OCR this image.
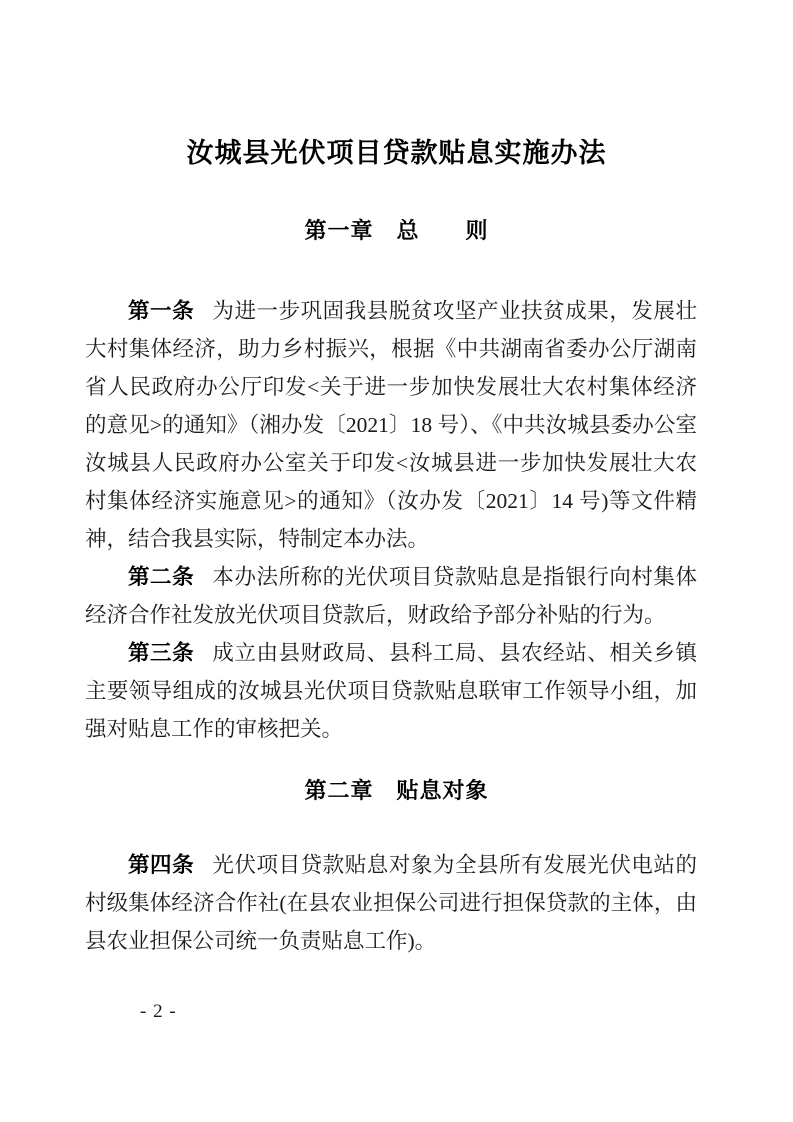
汝城县光伏项目贷款贴息实施办法
第一章　总　　则

第一条 为进一步巩固我县脱贫攻坚产业扶贫成果，发展壮大村集体经济，助力乡村振兴，根据《中共湖南省委办公厅湖南省人民政府办公厅印发<关于进一步加快发展壮大农村集体经济的意见>的通知》（湘办发〔2021〕18 号）、《中共汝城县委办公室汝城县人民政府办公室关于印发<汝城县进一步加快发展壮大农村集体经济实施意见>的通知》（汝办发〔2021〕14 号)等文件精神，结合我县实际，特制定本办法。

第二条 本办法所称的光伏项目贷款贴息是指银行向村集体经济合作社发放光伏项目贷款后，财政给予部分补贴的行为。

第三条 成立由县财政局、县科工局、县农经站、相关乡镇主要领导组成的汝城县光伏项目贷款贴息联审工作领导小组，加强对贴息工作的审核把关。

第二章　贴息对象

第四条 光伏项目贷款贴息对象为全县所有发展光伏电站的村级集体经济合作社(在县农业担保公司进行担保贷款的主体，由县农业担保公司统一负责贴息工作)。

- 2 -
